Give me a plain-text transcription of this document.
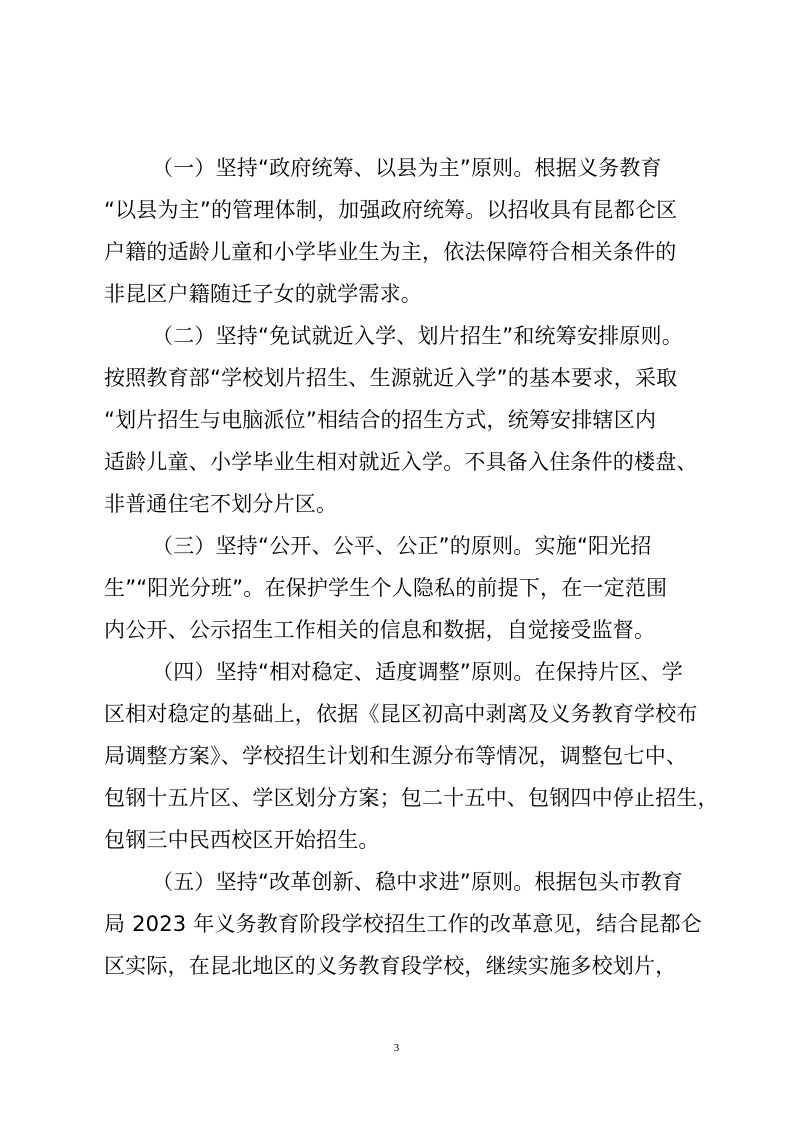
（一）坚持“政府统筹、以县为主”原则。根据义务教育
“以县为主”的管理体制，加强政府统筹。以招收具有昆都仑区
户籍的适龄儿童和小学毕业生为主，依法保障符合相关条件的
非昆区户籍随迁子女的就学需求。
（二）坚持“免试就近入学、划片招生”和统筹安排原则。
按照教育部“学校划片招生、生源就近入学”的基本要求，采取
“划片招生与电脑派位”相结合的招生方式，统筹安排辖区内
适龄儿童、小学毕业生相对就近入学。不具备入住条件的楼盘、
非普通住宅不划分片区。
（三）坚持“公开、公平、公正”的原则。实施“阳光招
生”“阳光分班”。在保护学生个人隐私的前提下，在一定范围
内公开、公示招生工作相关的信息和数据，自觉接受监督。
（四）坚持“相对稳定、适度调整”原则。在保持片区、学
区相对稳定的基础上，依据《昆区初高中剥离及义务教育学校布
局调整方案》、学校招生计划和生源分布等情况，调整包七中、
包钢十五片区、学区划分方案；包二十五中、包钢四中停止招生，
包钢三中民西校区开始招生。
（五）坚持“改革创新、稳中求进”原则。根据包头市教育
局 2023 年义务教育阶段学校招生工作的改革意见，结合昆都仑
区实际，在昆北地区的义务教育段学校，继续实施多校划片，
3
